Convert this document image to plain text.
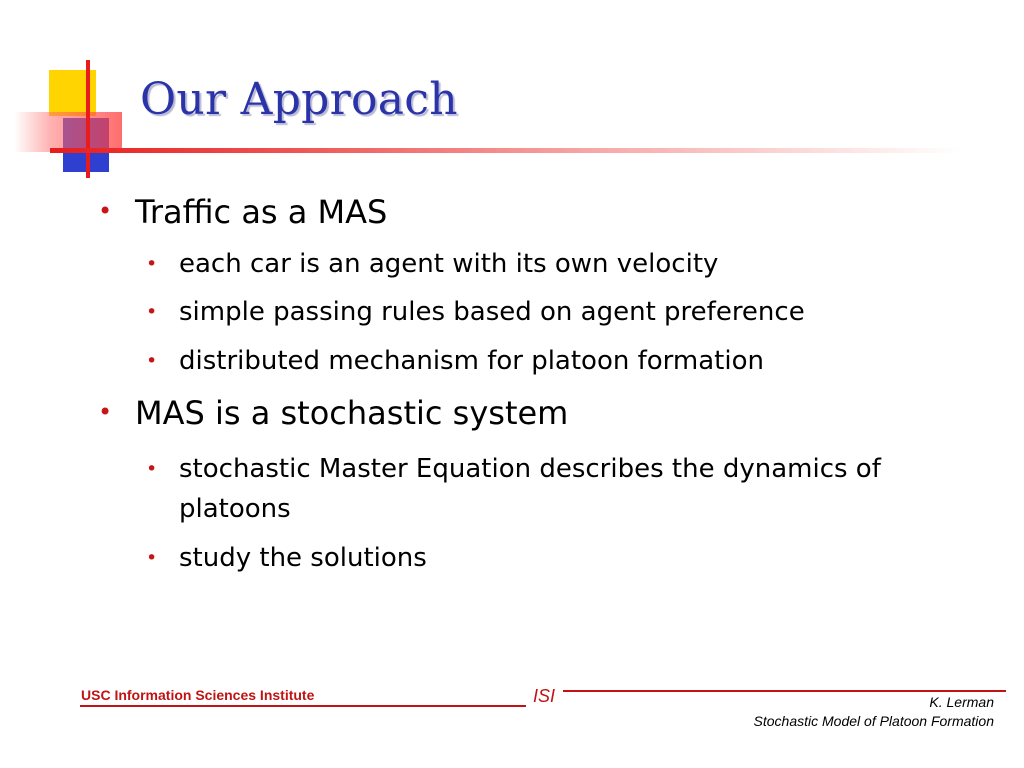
Our Approach
• Traffic as a MAS
• each car is an agent with its own velocity
• simple passing rules based on agent preference
• distributed mechanism for platoon formation
• MAS is a stochastic system
• stochastic Master Equation describes the dynamics of platoons
• study the solutions

USC Information Sciences Institute	ISI	K. Lerman
Stochastic Model of Platoon Formation
